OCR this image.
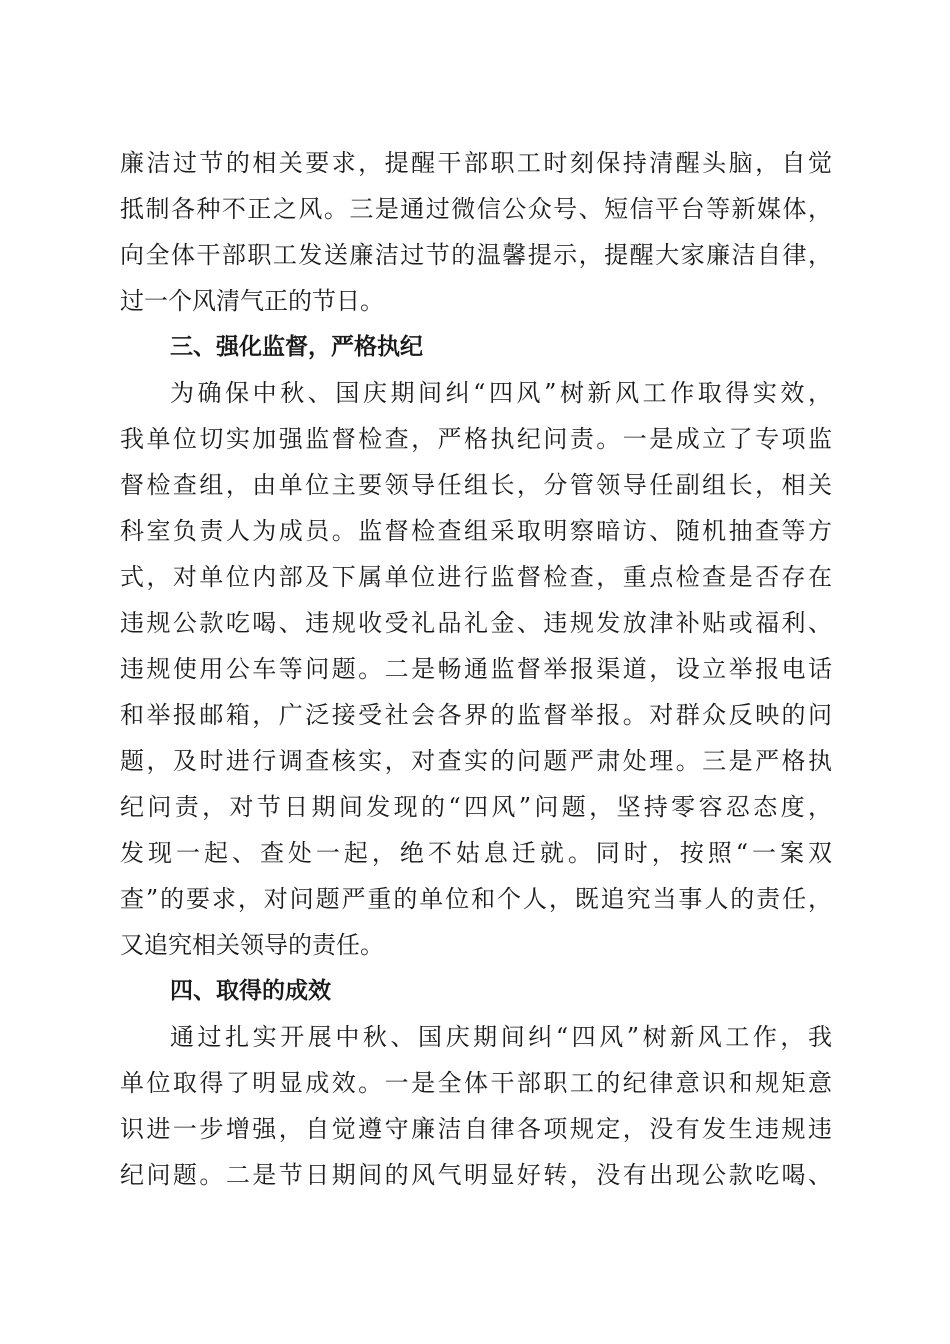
廉洁过节的相关要求，提醒干部职工时刻保持清醒头脑，自觉

抵制各种不正之风。三是通过微信公众号、短信平台等新媒体，

向全体干部职工发送廉洁过节的温馨提示，提醒大家廉洁自律，

过一个风清气正的节日。

三、强化监督，严格执纪

为确保中秋、国庆期间纠“四风”树新风工作取得实效，

我单位切实加强监督检查，严格执纪问责。一是成立了专项监

督检查组，由单位主要领导任组长，分管领导任副组长，相关

科室负责人为成员。监督检查组采取明察暗访、随机抽查等方

式，对单位内部及下属单位进行监督检查，重点检查是否存在

违规公款吃喝、违规收受礼品礼金、违规发放津补贴或福利、

违规使用公车等问题。二是畅通监督举报渠道，设立举报电话

和举报邮箱，广泛接受社会各界的监督举报。对群众反映的问

题，及时进行调查核实，对查实的问题严肃处理。三是严格执

纪问责，对节日期间发现的“四风”问题，坚持零容忍态度，

发现一起、查处一起，绝不姑息迁就。同时，按照“一案双

查”的要求，对问题严重的单位和个人，既追究当事人的责任，

又追究相关领导的责任。

四、取得的成效

通过扎实开展中秋、国庆期间纠“四风”树新风工作，我

单位取得了明显成效。一是全体干部职工的纪律意识和规矩意

识进一步增强，自觉遵守廉洁自律各项规定，没有发生违规违

纪问题。二是节日期间的风气明显好转，没有出现公款吃喝、
